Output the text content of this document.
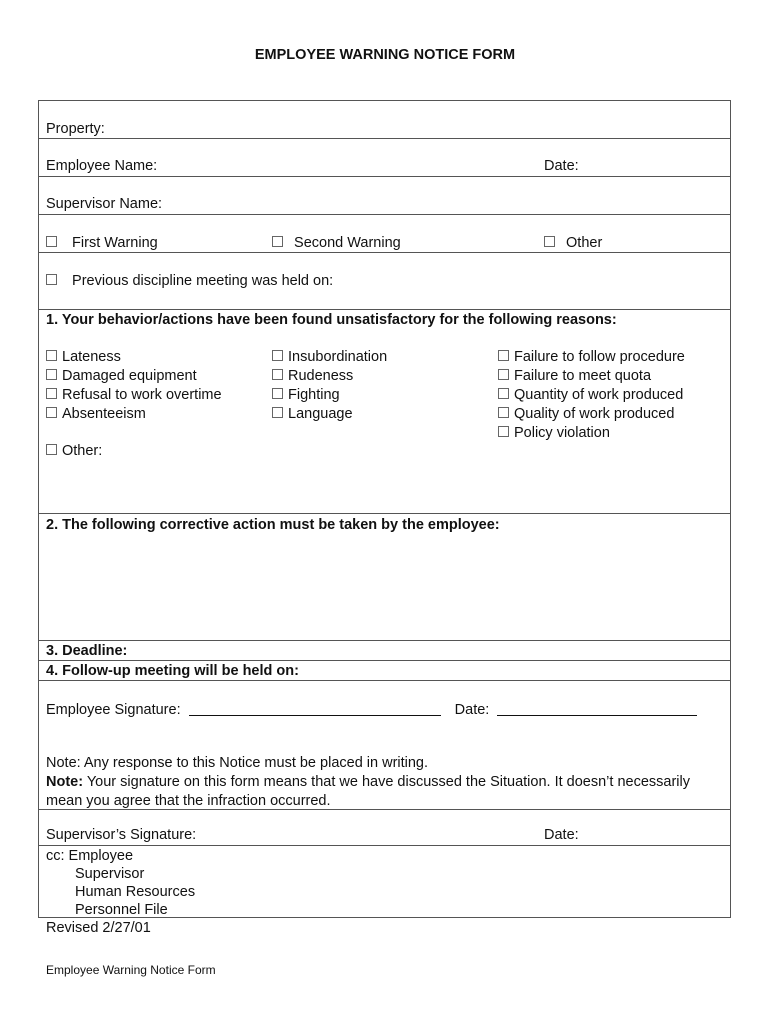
EMPLOYEE WARNING NOTICE FORM
Property:
Employee Name:	Date:
Supervisor Name:
First Warning	Second Warning	Other
Previous discipline meeting was held on:
1. Your behavior/actions have been found unsatisfactory for the following reasons:
Lateness
Damaged equipment
Refusal to work overtime
Absenteeism
Insubordination
Rudeness
Fighting
Language
Failure to follow procedure
Failure to meet quota
Quantity of work produced
Quality of work produced
Policy violation
Other:
2. The following corrective action must be taken by the employee:
3. Deadline:
4. Follow-up meeting will be held on:
Employee Signature:	Date:
Note: Any response to this Notice must be placed in writing.
Note: Your signature on this form means that we have discussed the Situation. It doesn’t necessarily
mean you agree that the infraction occurred.
Supervisor’s Signature:	Date:
cc: Employee
Supervisor
Human Resources
Personnel File
Revised 2/27/01
Employee Warning Notice Form
